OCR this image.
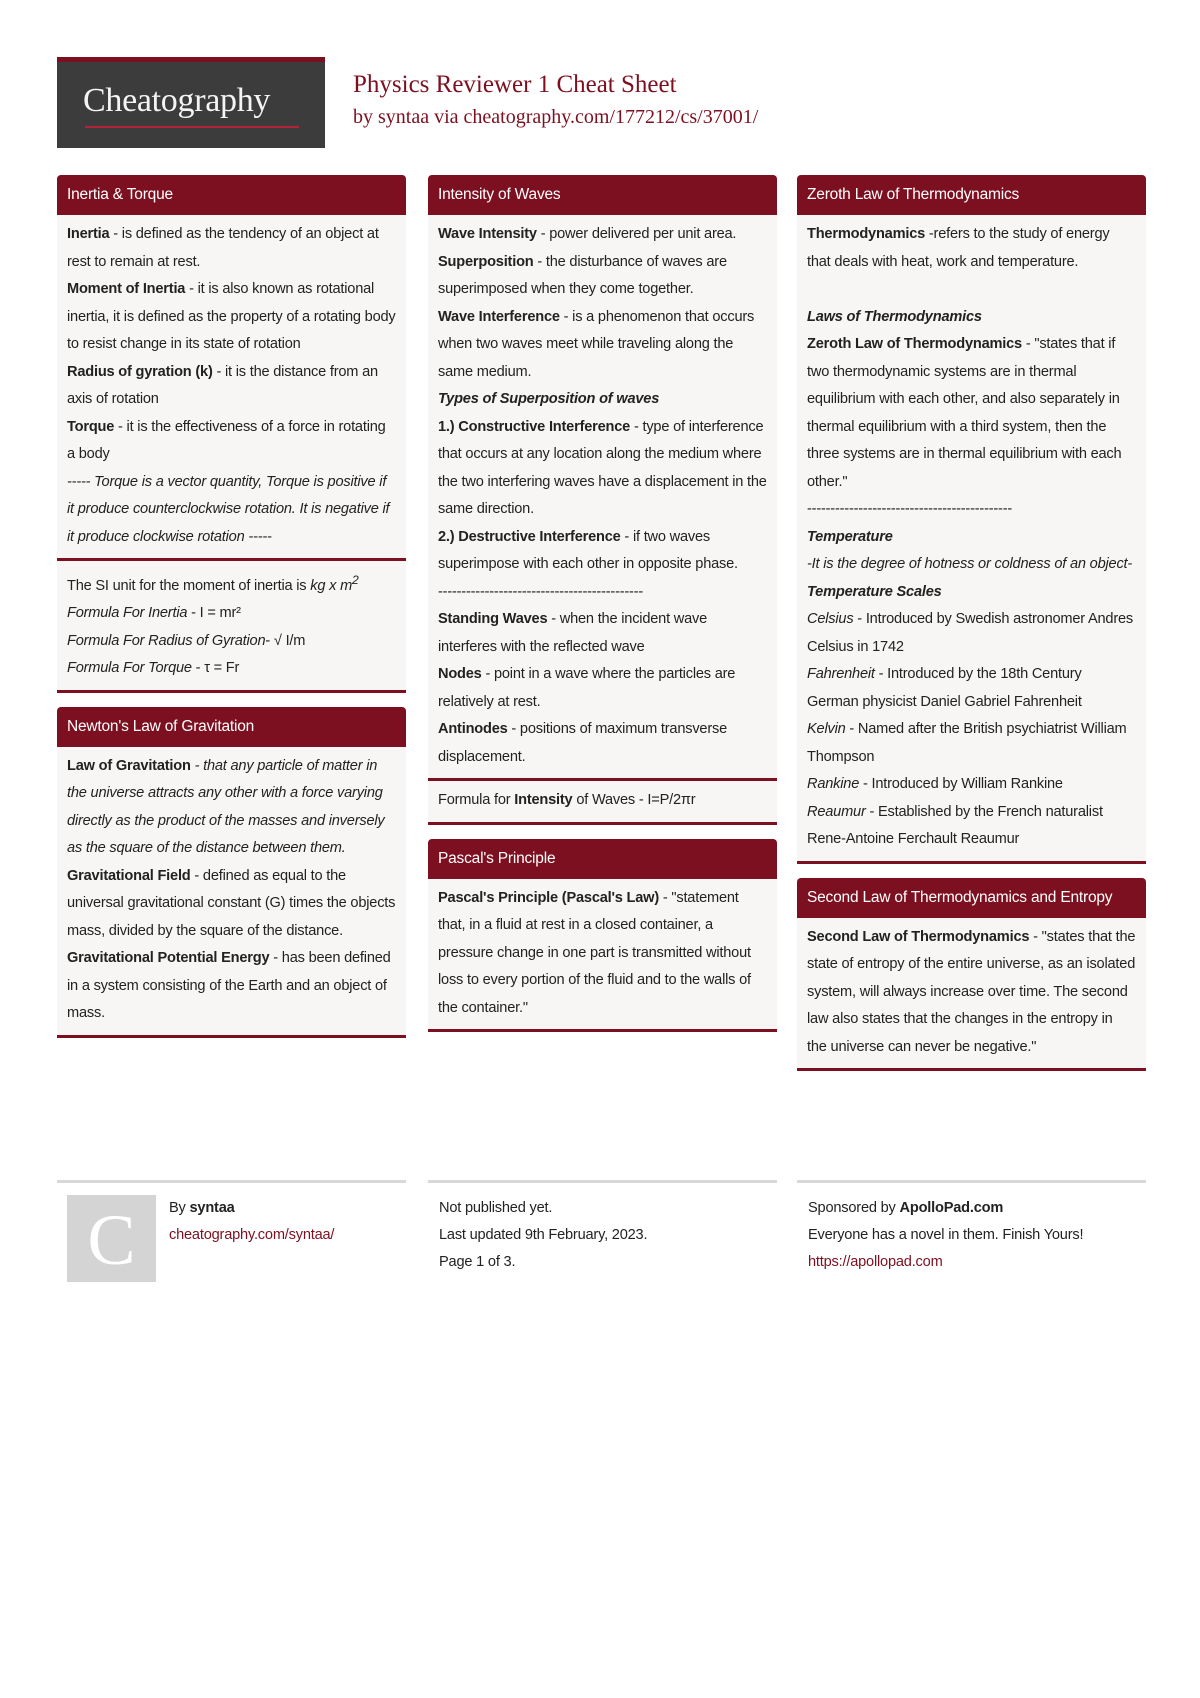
Cheatography	Physics Reviewer 1 Cheat Sheet
by syntaa via cheatography.com/177212/cs/37001/
Inertia & Torque
Inertia - is defined as the tendency of an object at rest to remain at rest.
Moment of Inertia - it is also known as rotational inertia, it is defined as the property of a rotating body to resist change in its state of rotation
Radius of gyration (k) - it is the distance from an axis of rotation
Torque - it is the effectiveness of a force in rotating a body
----- Torque is a vector quantity, Torque is positive if it produce counterclockwise rotation. It is negative if it produce clockwise rotation -----
The SI unit for the moment of inertia is kg x $m^2$
Formula For Inertia - I = mr²
Formula For Radius of Gyration- √ I/m
Formula For Torque - τ = Fr
Newton's Law of Gravitation
Law of Gravitation - that any particle of matter in the universe attracts any other with a force varying directly as the product of the masses and inversely as the square of the distance between them.
Gravitational Field - defined as equal to the universal gravitational constant (G) times the objects mass, divided by the square of the distance.
Gravitational Potential Energy - has been defined in a system consisting of the Earth and an object of mass.
Intensity of Waves
Wave Intensity - power delivered per unit area.
Superposition - the disturbance of waves are superimposed when they come together.
Wave Interference - is a phenomenon that occurs when two waves meet while traveling along the same medium.
Types of Superposition of waves
1.) Constructive Interference - type of interference that occurs at any location along the medium where the two interfering waves have a displacement in the same direction.
2.) Destructive Interference - if two waves superimpose with each other in opposite phase.
--------------------------------------------
Standing Waves - when the incident wave interferes with the reflected wave
Nodes - point in a wave where the particles are relatively at rest.
Antinodes - positions of maximum transverse displacement.
Formula for Intensity of Waves - I=P/2πr
Pascal's Principle
Pascal's Principle (Pascal's Law) - "statement that, in a fluid at rest in a closed container, a pressure change in one part is transmitted without loss to every portion of the fluid and to the walls of the container."
Zeroth Law of Thermodynamics
Thermodynamics -refers to the study of energy that deals with heat, work and temperature.
Laws of Thermodynamics
Zeroth Law of Thermodynamics - "states that if two thermodynamic systems are in thermal equilibrium with each other, and also separately in thermal equilibrium with a third system, then the three systems are in thermal equilibrium with each other."
--------------------------------------------
Temperature
-It is the degree of hotness or coldness of an object-
Temperature Scales
Celsius - Introduced by Swedish astronomer Andres Celsius in 1742
Fahrenheit - Introduced by the 18th Century German physicist Daniel Gabriel Fahrenheit
Kelvin - Named after the British psychiatrist William Thompson
Rankine - Introduced by William Rankine
Reaumur - Established by the French naturalist Rene-Antoine Ferchault Reaumur
Second Law of Thermodynamics and Entropy
Second Law of Thermodynamics - "states that the state of entropy of the entire universe, as an isolated system, will always increase over time. The second law also states that the changes in the entropy in the universe can never be negative."
C	By syntaa
cheatography.com/syntaa/
Not published yet.
Last updated 9th February, 2023.
Page 1 of 3.
Sponsored by ApolloPad.com
Everyone has a novel in them. Finish Yours!
https://apollopad.com
